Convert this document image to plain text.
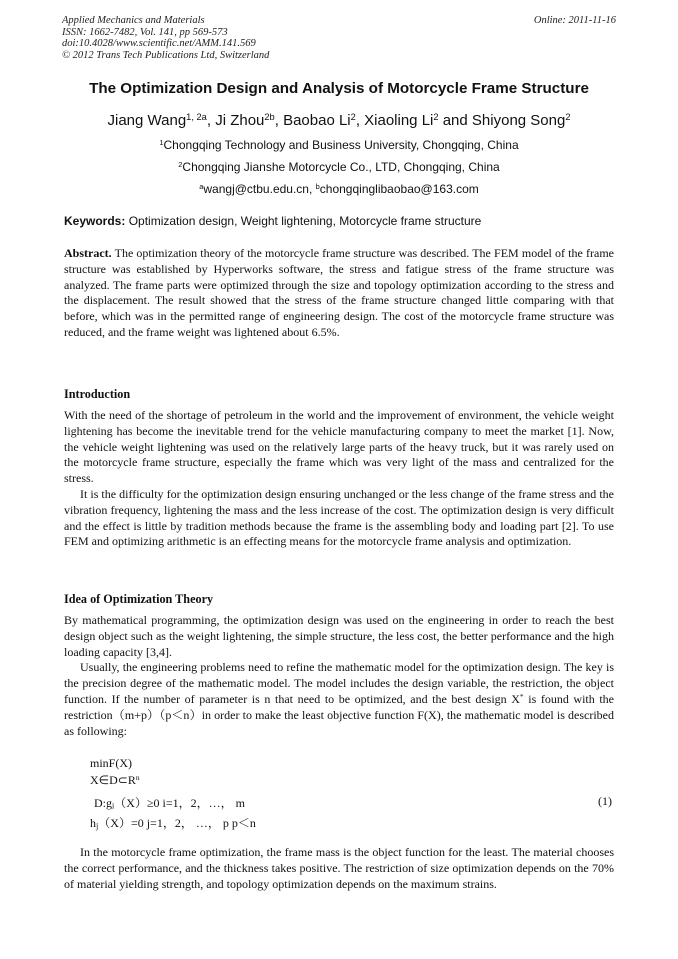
Applied Mechanics and Materials
ISSN: 1662-7482, Vol. 141, pp 569-573
doi:10.4028/www.scientific.net/AMM.141.569
© 2012 Trans Tech Publications Ltd, Switzerland
Online: 2011-11-16
The Optimization Design and Analysis of Motorcycle Frame Structure
Jiang Wang$^{1, 2a}$, Ji Zhou$^{2b}$, Baobao Li$^2$, Xiaoling Li$^2$ and Shiyong Song$^2$
$^1$Chongqing Technology and Business University, Chongqing, China
$^2$Chongqing Jianshe Motorcycle Co., LTD, Chongqing, China
$^a$wangj@ctbu.edu.cn, $^b$chongqinglibaobao@163.com
Keywords: Optimization design, Weight lightening, Motorcycle frame structure
Abstract. The optimization theory of the motorcycle frame structure was described. The FEM model of the frame structure was established by Hyperworks software, the stress and fatigue stress of the frame structure was analyzed. The frame parts were optimized through the size and topology optimization according to the stress and the displacement. The result showed that the stress of the frame structure changed little comparing with that before, which was in the permitted range of engineering design. The cost of the motorcycle frame structure was reduced, and the frame weight was lightened about 6.5%.
Introduction
With the need of the shortage of petroleum in the world and the improvement of environment, the vehicle weight lightening has become the inevitable trend for the vehicle manufacturing company to meet the market [1]. Now, the vehicle weight lightening was used on the relatively large parts of the heavy truck, but it was rarely used on the motorcycle frame structure, especially the frame which was very light of the mass and centralized for the stress.
It is the difficulty for the optimization design ensuring unchanged or the less change of the frame stress and the vibration frequency, lightening the mass and the less increase of the cost. The optimization design is very difficult and the effect is little by tradition methods because the frame is the assembling body and loading part [2]. To use FEM and optimizing arithmetic is an effecting means for the motorcycle frame analysis and optimization.
Idea of Optimization Theory
By mathematical programming, the optimization design was used on the engineering in order to reach the best design object such as the weight lightening, the simple structure, the less cost, the better performance and the high loading capacity [3,4].
Usually, the engineering problems need to refine the mathematic model for the optimization design. The key is the precision degree of the mathematic model. The model includes the design variable, the restriction, the object function. If the number of parameter is n that need to be optimized, and the best design X* is found with the restriction（m+p）（p＜n）in order to make the least objective function F(X), the mathematic model is described as following:
minF(X)
$X\in D\subset R^n$
$D:g_i(X)\ge 0$ i=1，2，…， m
$h_j(X)=0$ j=1，2， …， p p＜n
(1)
In the motorcycle frame optimization, the frame mass is the object function for the least. The material chooses the correct performance, and the thickness takes positive. The restriction of size optimization depends on the 70% of material yielding strength, and topology optimization depends on the maximum strains.
